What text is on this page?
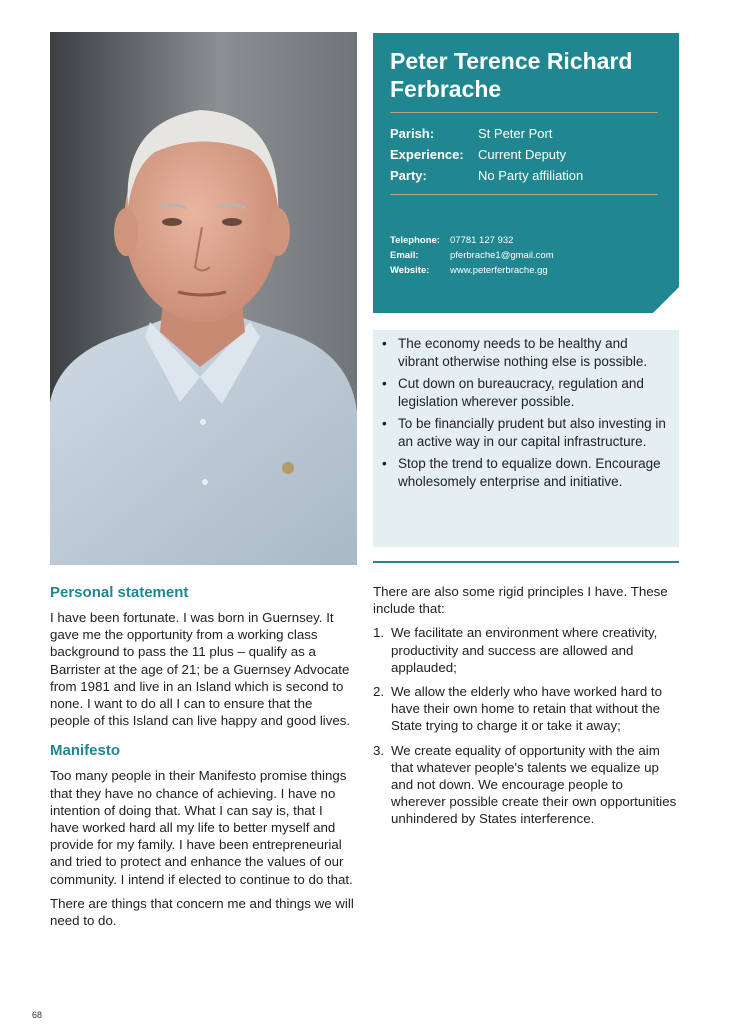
Peter Terence Richard Ferbrache
Parish:	St Peter Port
Experience:	Current Deputy
Party:	No Party affiliation
Telephone:	07781 127 932
Email:	pferbrache1@gmail.com
Website:	www.peterferbrache.gg
• The economy needs to be healthy and vibrant otherwise nothing else is possible.
• Cut down on bureaucracy, regulation and legislation wherever possible.
• To be financially prudent but also investing in an active way in our capital infrastructure.
• Stop the trend to equalize down. Encourage wholesomely enterprise and initiative.
Personal statement

I have been fortunate. I was born in Guernsey. It gave me the opportunity from a working class background to pass the 11 plus – qualify as a Barrister at the age of 21; be a Guernsey Advocate from 1981 and live in an Island which is second to none. I want to do all I can to ensure that the people of this Island can live happy and good lives.

Manifesto

Too many people in their Manifesto promise things that they have no chance of achieving. I have no intention of doing that. What I can say is, that I have worked hard all my life to better myself and provide for my family. I have been entrepreneurial and tried to protect and enhance the values of our community. I intend if elected to continue to do that.

There are things that concern me and things we will need to do.

There are also some rigid principles I have. These include that:

1. We facilitate an environment where creativity, productivity and success are allowed and applauded;
2. We allow the elderly who have worked hard to have their own home to retain that without the State trying to charge it or take it away;
3. We create equality of opportunity with the aim that whatever people's talents we equalize up and not down. We encourage people to wherever possible create their own opportunities unhindered by States interference.
68
